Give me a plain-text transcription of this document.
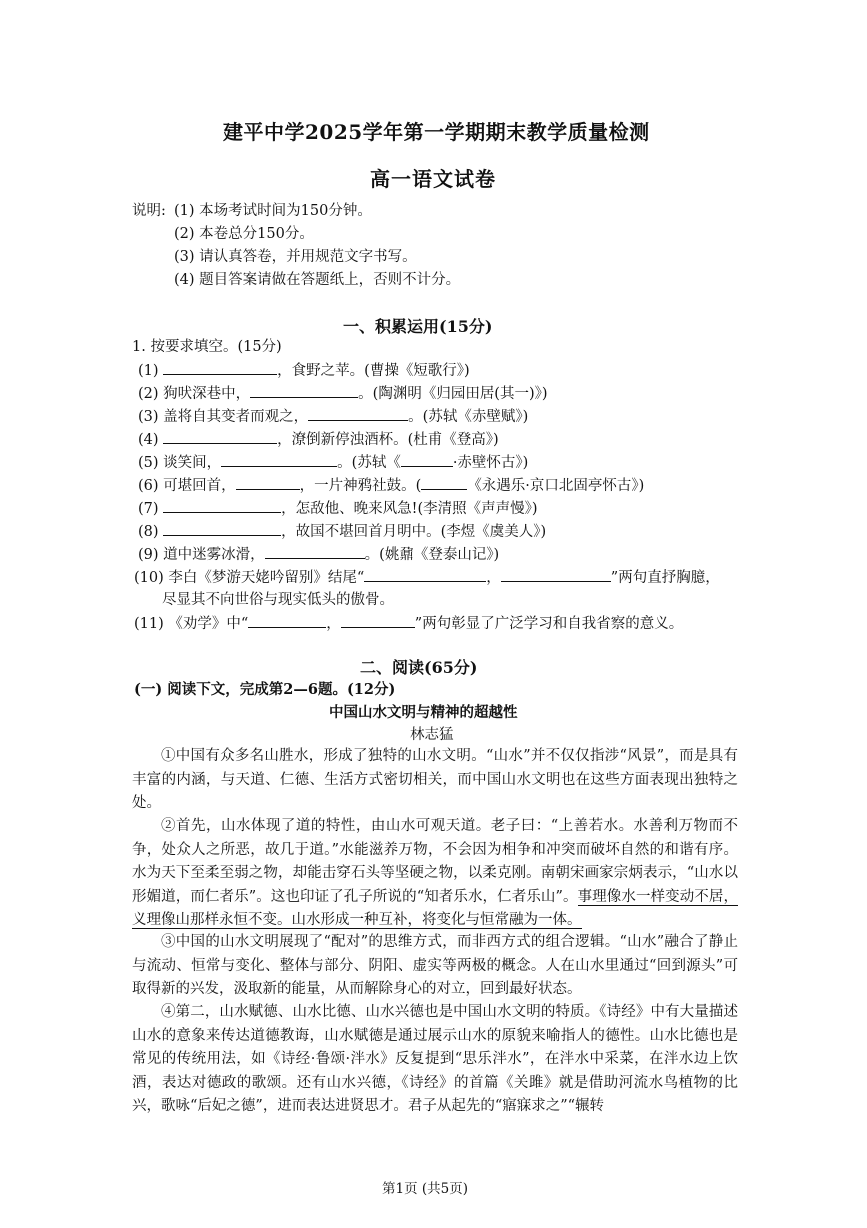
建平中学2025学年第一学期期末教学质量检测
高一语文试卷
说明: (1) 本场考试时间为150分钟。
(2) 本卷总分150分。
(3) 请认真答卷，并用规范文字书写。
(4) 题目答案请做在答题纸上，否则不计分。
一、积累运用(15分)
1. 按要求填空。(15分)
(1)	，食野之苹。(曹操《短歌行》)
(2) 狗吠深巷中，	。(陶渊明《归园田居(其一)》)
(3) 盖将自其变者而观之，	。(苏轼《赤壁赋》)
(4)	，潦倒新停浊酒杯。(杜甫《登高》)
(5) 谈笑间，	。(苏轼《	·赤壁怀古》)
(6) 可堪回首，	，一片神鸦社鼓。(	《永遇乐·京口北固亭怀古》)
(7)	，怎敌他、晚来风急!(李清照《声声慢》)
(8)	，故国不堪回首月明中。(李煜《虞美人》)
(9) 道中迷雾冰滑，	。(姚鼐《登泰山记》)
(10) 李白《梦游天姥吟留别》结尾“	，	”两句直抒胸臆，
尽显其不向世俗与现实低头的傲骨。
(11) 《劝学》中“	，	”两句彰显了广泛学习和自我省察的意义。
二、阅读(65分)
(一) 阅读下文，完成第2—6题。(12分)
中国山水文明与精神的超越性
林志猛
①中国有众多名山胜水，形成了独特的山水文明。“山水”并不仅仅指涉“风景”，而是具有丰富的内涵，与天道、仁德、生活方式密切相关，而中国山水文明也在这些方面表现出独特之处。
②首先，山水体现了道的特性，由山水可观天道。老子曰：“上善若水。水善利万物而不争，处众人之所恶，故几于道。”水能滋养万物，不会因为相争和冲突而破坏自然的和谐有序。水为天下至柔至弱之物，却能击穿石头等坚硬之物，以柔克刚。南朝宋画家宗炳表示，“山水以形媚道，而仁者乐”。这也印证了孔子所说的“知者乐水，仁者乐山”。事理像水一样变动不居，义理像山那样永恒不变。山水形成一种互补，将变化与恒常融为一体。
③中国的山水文明展现了“配对”的思维方式，而非西方式的组合逻辑。“山水”融合了静止与流动、恒常与变化、整体与部分、阴阳、虚实等两极的概念。人在山水里通过“回到源头”可取得新的兴发，汲取新的能量，从而解除身心的对立，回到最好状态。
④第二，山水赋德、山水比德、山水兴德也是中国山水文明的特质。《诗经》中有大量描述山水的意象来传达道德教诲，山水赋德是通过展示山水的原貌来喻指人的德性。山水比德也是常见的传统用法，如《诗经·鲁颂·泮水》反复提到“思乐泮水”，在泮水中采菜，在泮水边上饮酒，表达对德政的歌颂。还有山水兴德，《诗经》的首篇《关雎》就是借助河流水鸟植物的比兴，歌咏“后妃之德”，进而表达进贤思才。君子从起先的“寤寐求之”“辗转
第1页 (共5页)
